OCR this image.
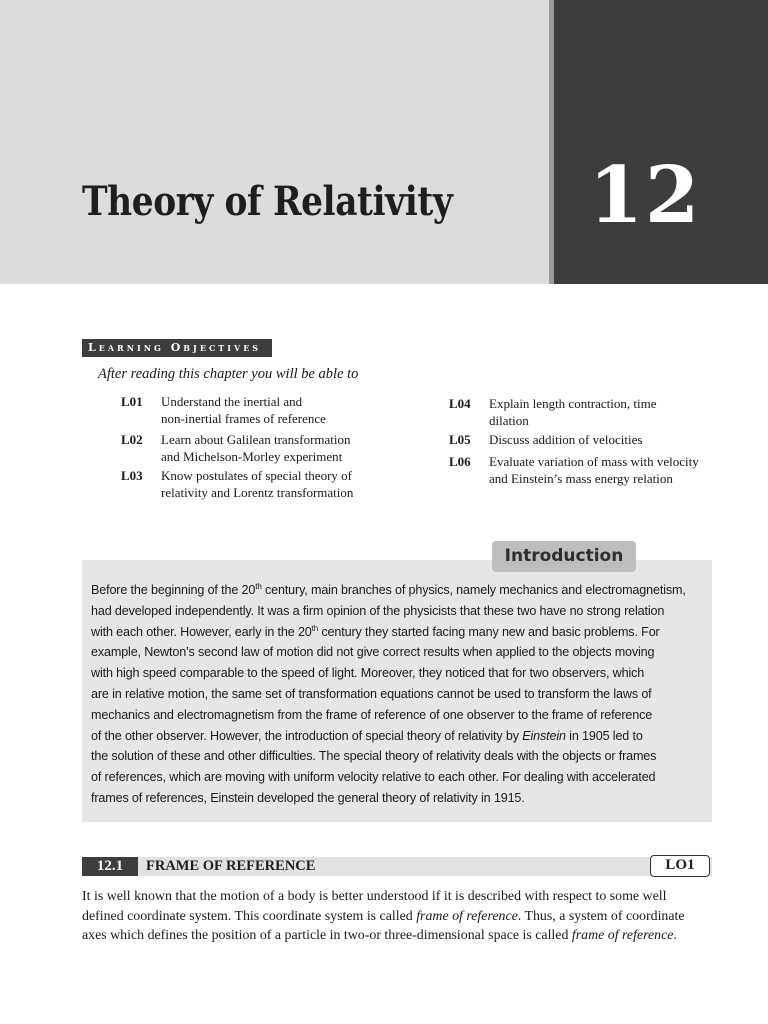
12
Theory of Relativity
Learning Objectives
After reading this chapter you will be able to
L01 Understand the inertial and
non-inertial frames of reference
L02 Learn about Galilean transformation
and Michelson-Morley experiment
L03 Know postulates of special theory of
relativity and Lorentz transformation
L04 Explain length contraction, time
dilation
L05 Discuss addition of velocities
L06 Evaluate variation of mass with velocity
and Einstein’s mass energy relation
Introduction
Before the beginning of the 20th century, main branches of physics, namely mechanics and electromagnetism,
had developed independently. It was a firm opinion of the physicists that these two have no strong relation
with each other. However, early in the 20th century they started facing many new and basic problems. For
example, Newton’s second law of motion did not give correct results when applied to the objects moving
with high speed comparable to the speed of light. Moreover, they noticed that for two observers, which
are in relative motion, the same set of transformation equations cannot be used to transform the laws of
mechanics and electromagnetism from the frame of reference of one observer to the frame of reference
of the other observer. However, the introduction of special theory of relativity by Einstein in 1905 led to
the solution of these and other difficulties. The special theory of relativity deals with the objects or frames
of references, which are moving with uniform velocity relative to each other. For dealing with accelerated
frames of references, Einstein developed the general theory of relativity in 1915.
12.1	FRAME OF REFERENCE	LO1
It is well known that the motion of a body is better understood if it is described with respect to some well
defined coordinate system. This coordinate system is called frame of reference. Thus, a system of coordinate
axes which defines the position of a particle in two-or three-dimensional space is called frame of reference.
